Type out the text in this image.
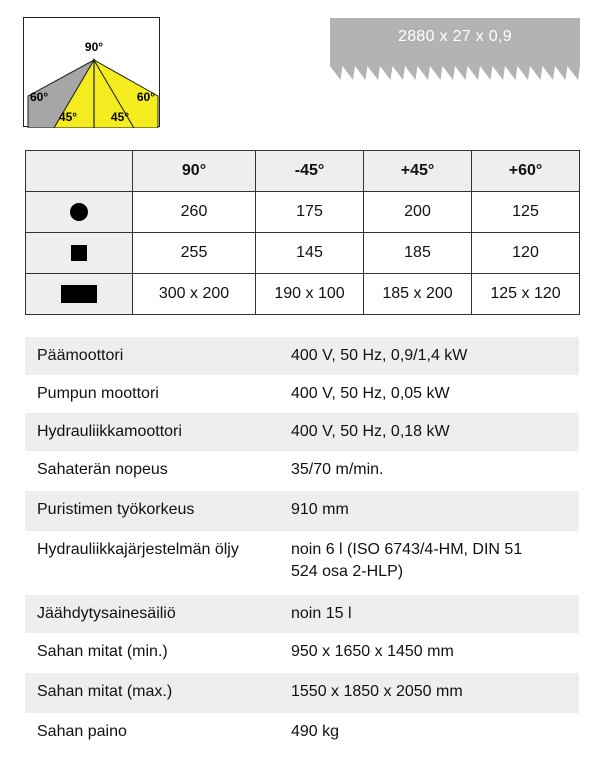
90°
60°	60°
45°	45°
2880 x 27 x 0,9
	90°	-45°	+45°	+60°
	260	175	200	125
	255	145	185	120
	300 x 200	190 x 100	185 x 200	125 x 120
Päämoottori	400 V, 50 Hz, 0,9/1,4 kW
Pumpun moottori	400 V, 50 Hz, 0,05 kW
Hydrauliikkamoottori	400 V, 50 Hz, 0,18 kW
Sahaterän nopeus	35/70 m/min.
Puristimen työkorkeus	910 mm
Hydrauliikkajärjestelmän öljy	noin 6 l (ISO 6743/4-HM, DIN 51 524 osa 2-HLP)
Jäähdytysainesäiliö	noin 15 l
Sahan mitat (min.)	950 x 1650 x 1450 mm
Sahan mitat (max.)	1550 x 1850 x 2050 mm
Sahan paino	490 kg
